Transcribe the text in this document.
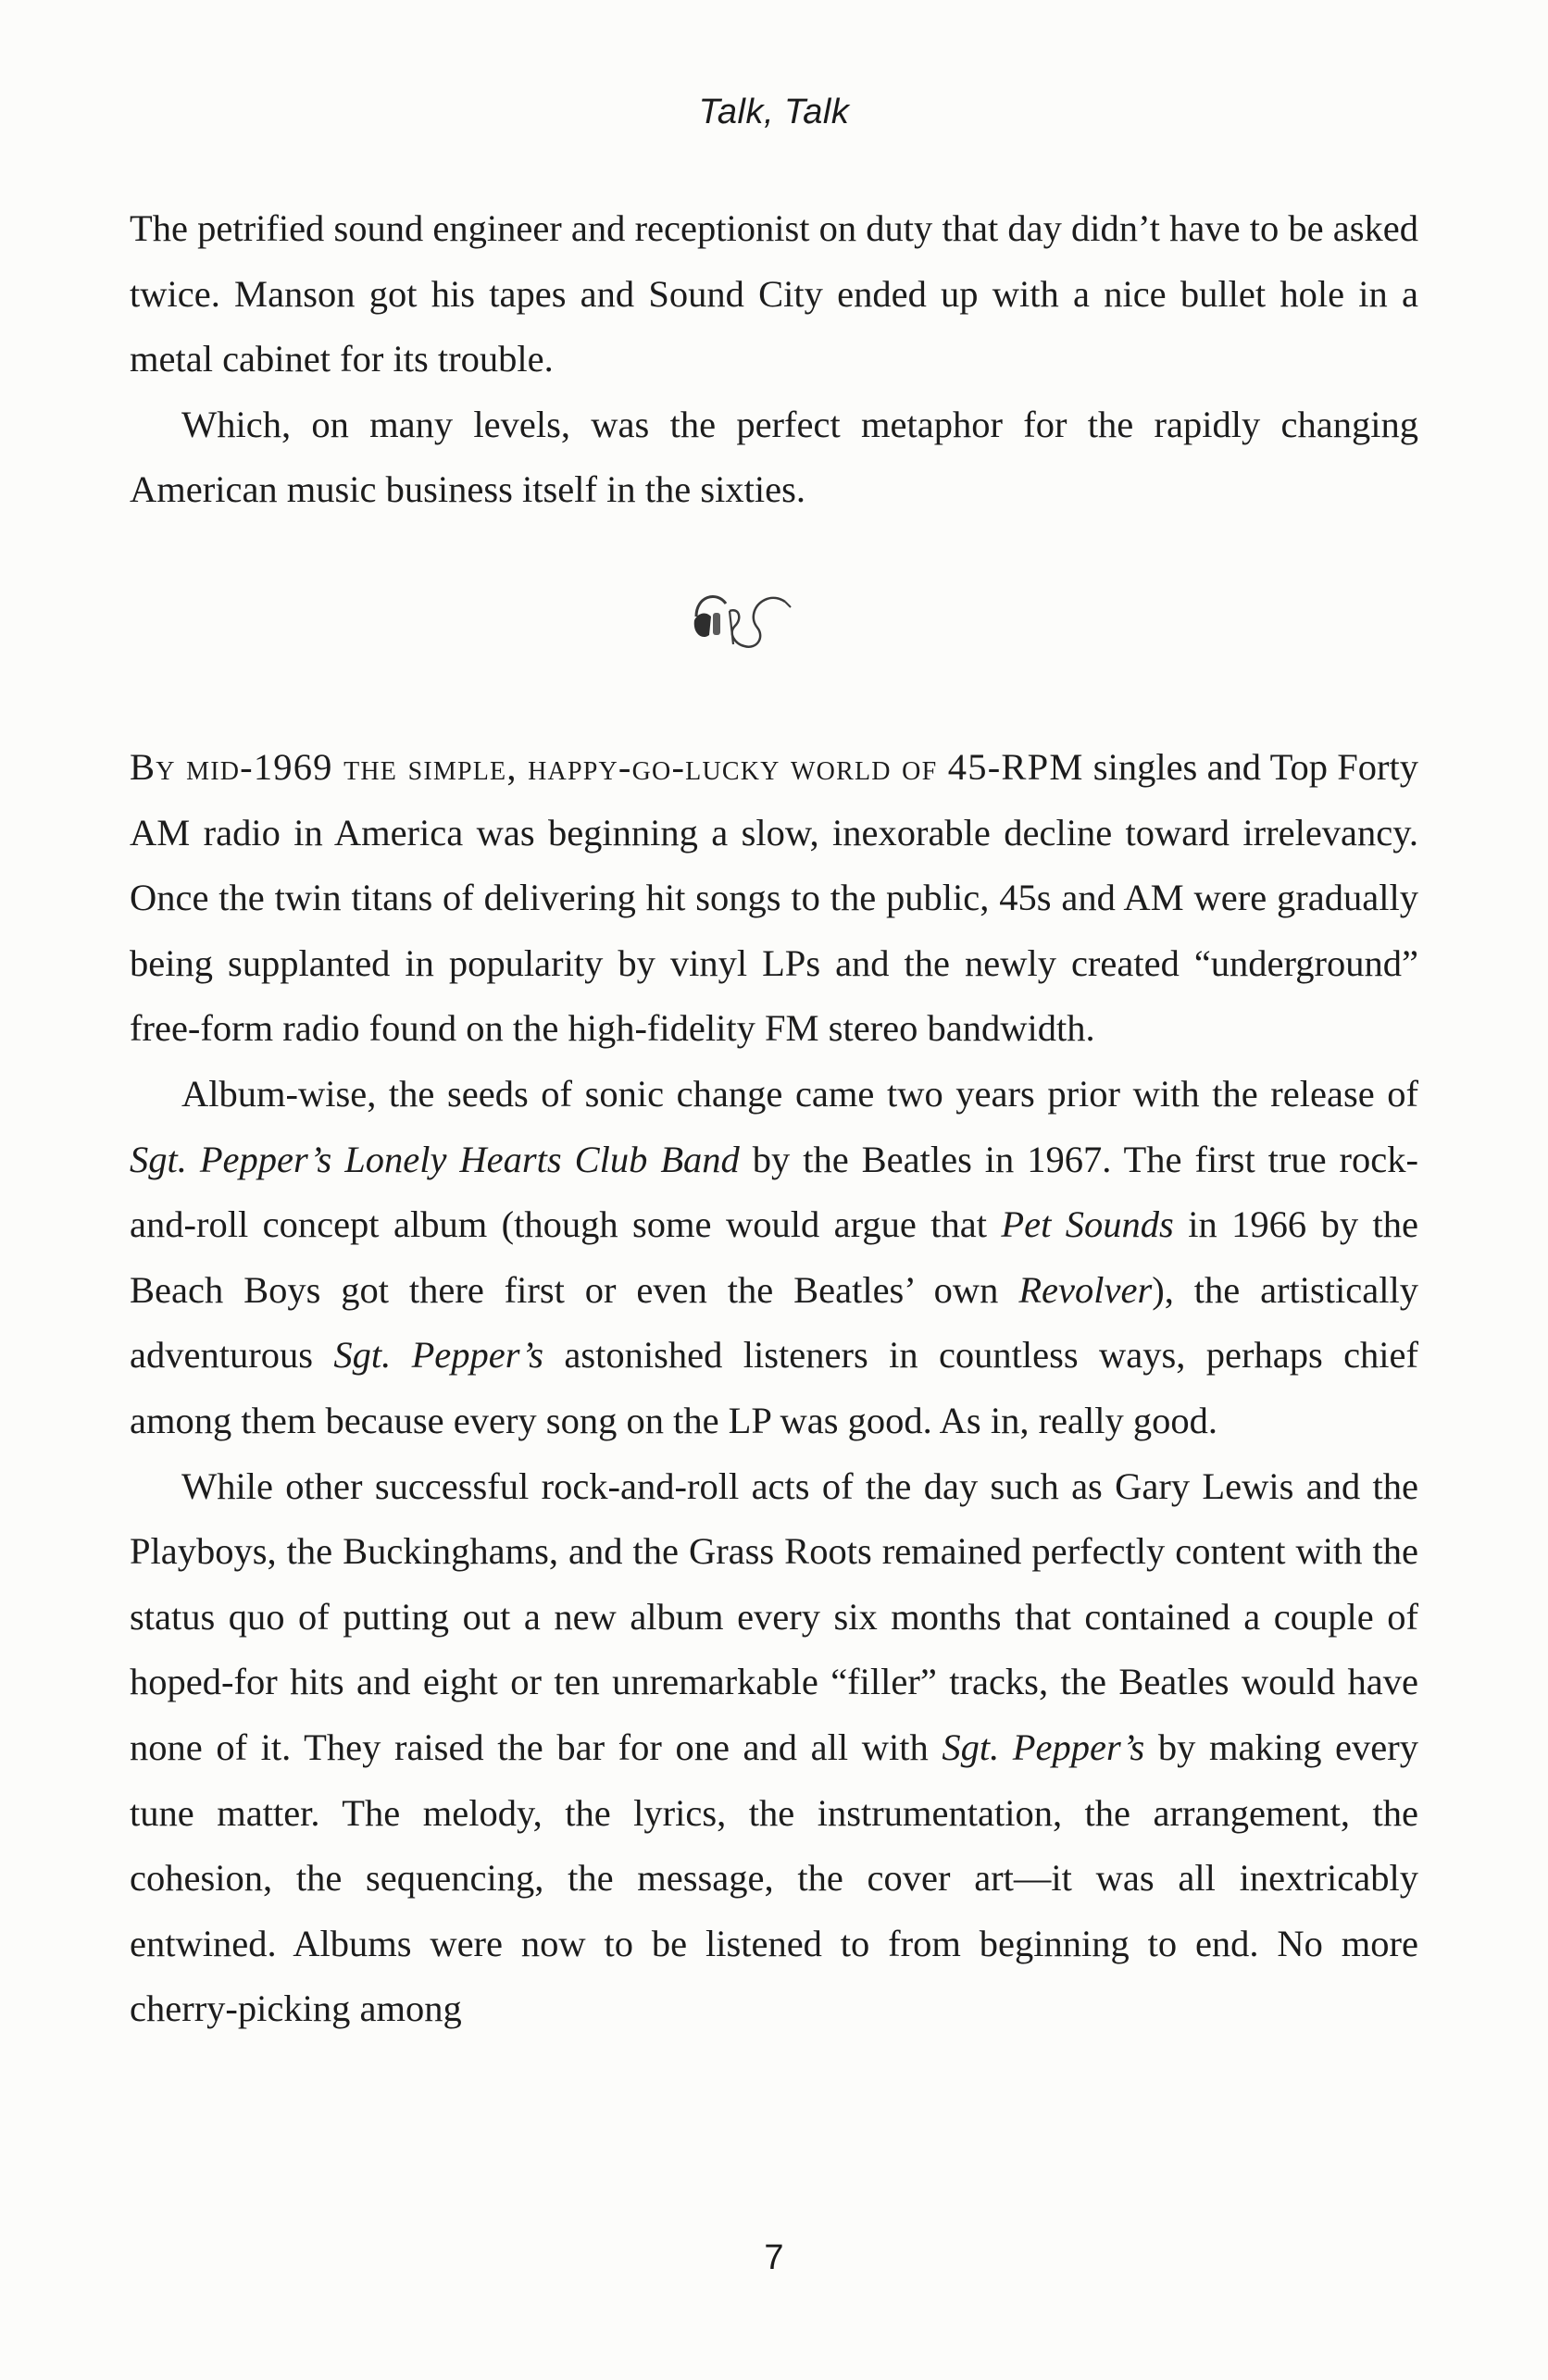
Talk, Talk

The petrified sound engineer and receptionist on duty that day didn’t have to be asked twice. Manson got his tapes and Sound City ended up with a nice bullet hole in a metal cabinet for its trouble.

Which, on many levels, was the perfect metaphor for the rapidly changing American music business itself in the sixties.

By mid-1969 the simple, happy-go-lucky world of 45-RPM singles and Top Forty AM radio in America was beginning a slow, inexorable decline toward irrelevancy. Once the twin titans of delivering hit songs to the public, 45s and AM were gradually being supplanted in popularity by vinyl LPs and the newly created “underground” free-form radio found on the high-fidelity FM stereo bandwidth.

Album-wise, the seeds of sonic change came two years prior with the release of Sgt. Pepper’s Lonely Hearts Club Band by the Beatles in 1967. The first true rock-and-roll concept album (though some would argue that Pet Sounds in 1966 by the Beach Boys got there first or even the Beatles’ own Revolver), the artistically adventurous Sgt. Pepper’s astonished listeners in countless ways, perhaps chief among them because every song on the LP was good. As in, really good.

While other successful rock-and-roll acts of the day such as Gary Lewis and the Playboys, the Buckinghams, and the Grass Roots remained perfectly content with the status quo of putting out a new album every six months that contained a couple of hoped-for hits and eight or ten unremarkable “filler” tracks, the Beatles would have none of it. They raised the bar for one and all with Sgt. Pepper’s by making every tune matter. The melody, the lyrics, the instrumentation, the arrangement, the cohesion, the sequencing, the message, the cover art—it was all inextricably entwined. Albums were now to be listened to from beginning to end. No more cherry-picking among

7
